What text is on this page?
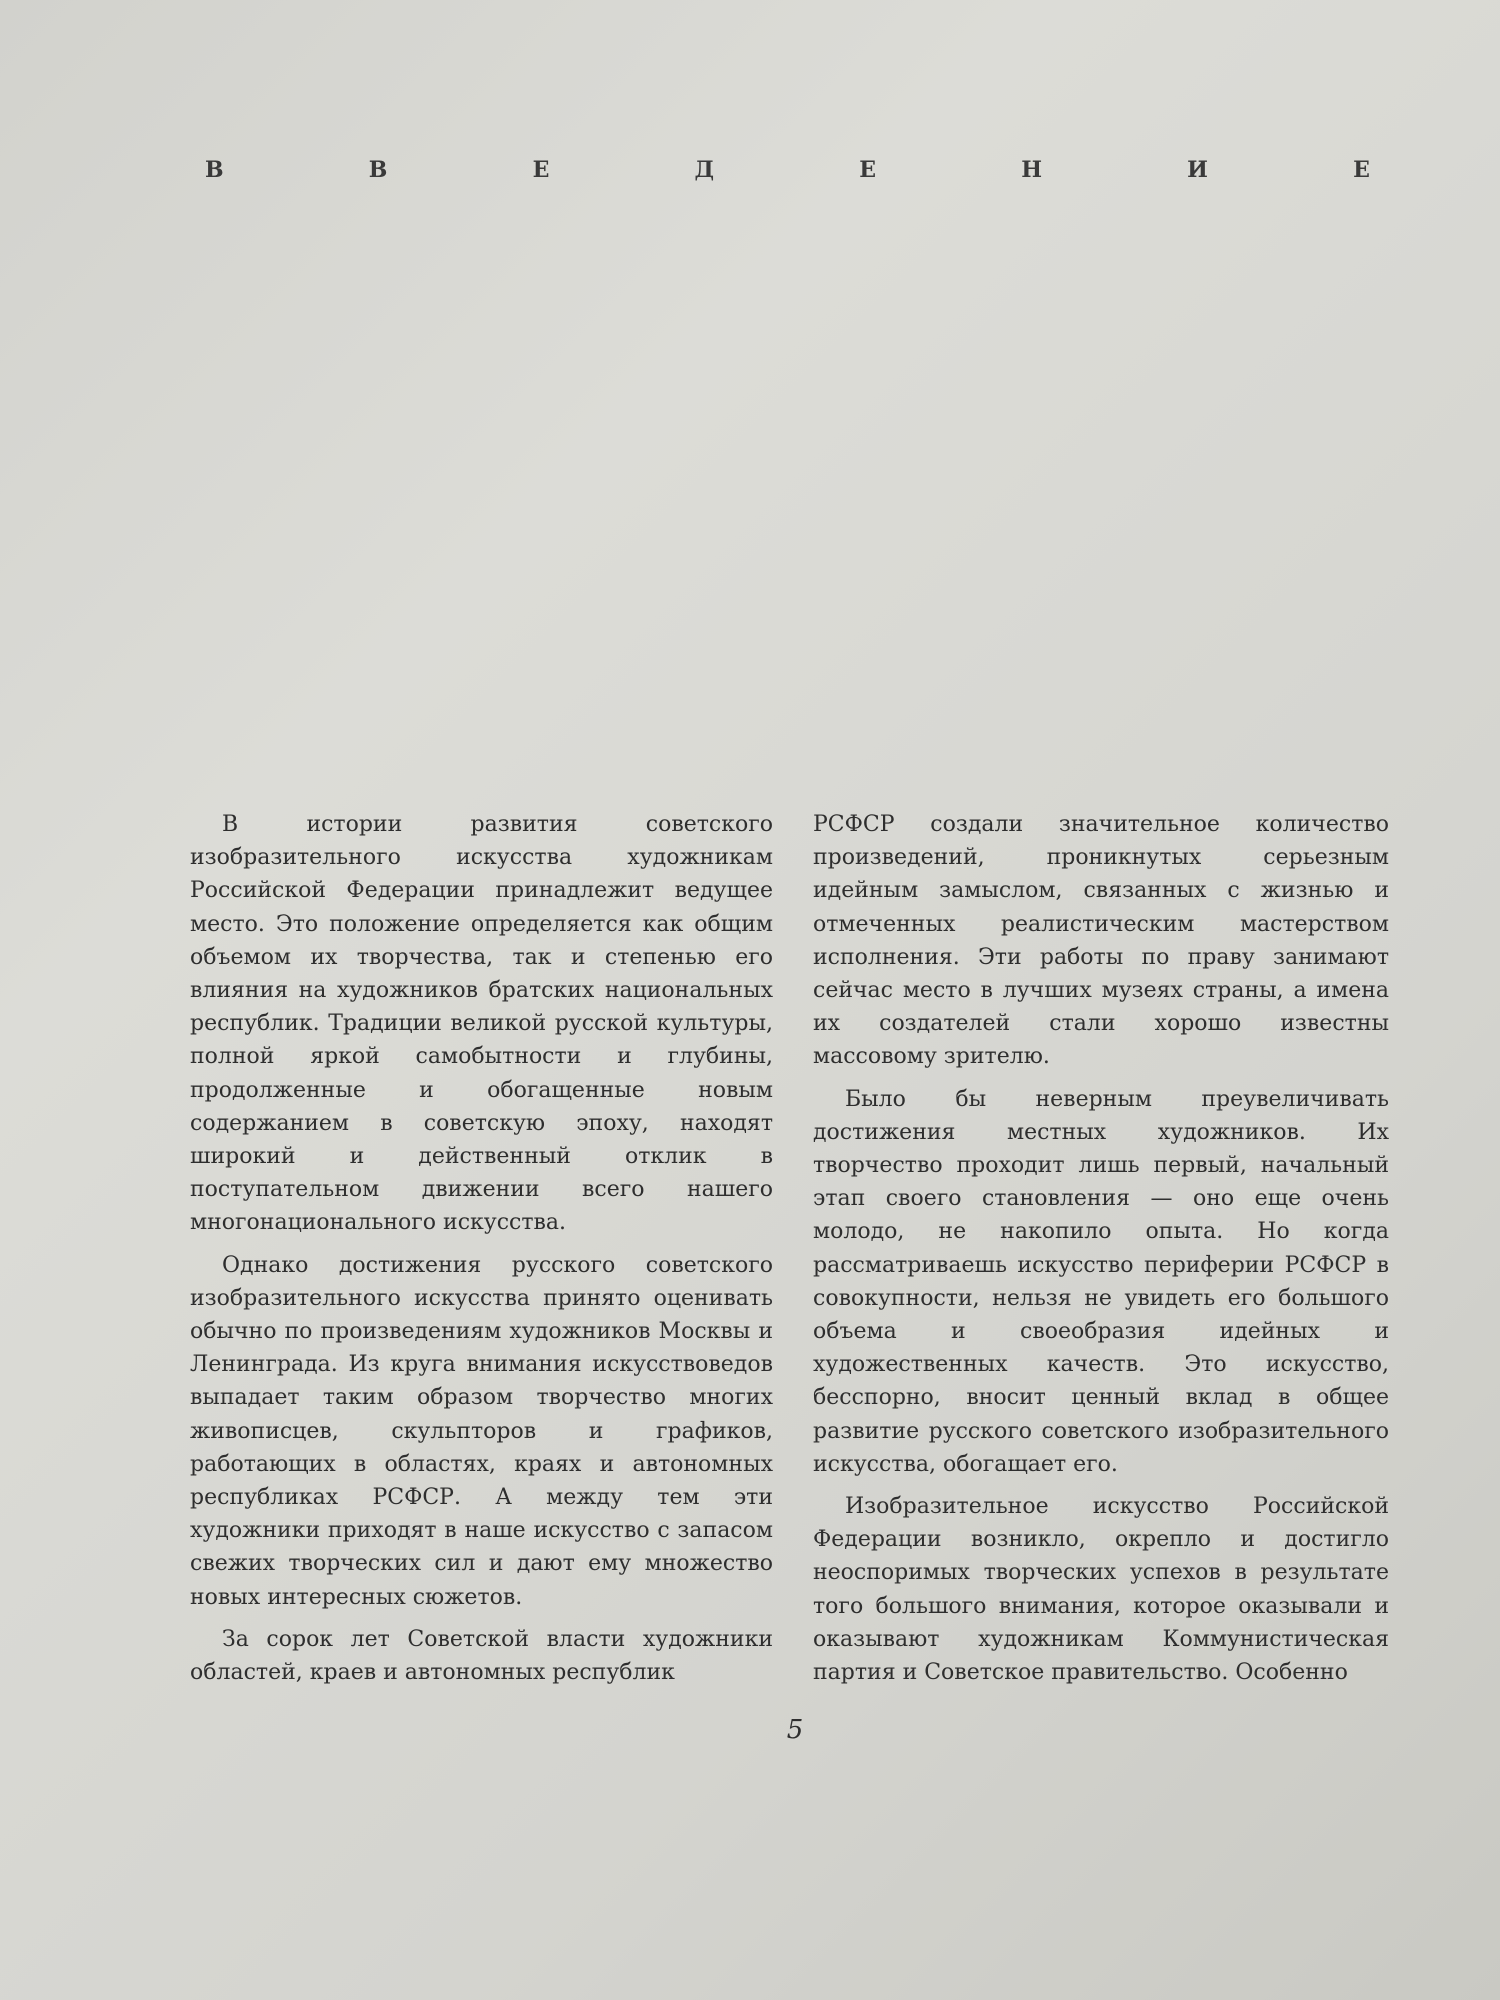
В	В	Е	Д	Е	Н	И	Е

В истории развития советского изобразительного искусства художникам Российской Федерации принадлежит ведущее место. Это положение определяется как общим объемом их творчества, так и степенью его влияния на художников братских национальных республик. Традиции великой русской культуры, полной яркой самобытности и глубины, продолженные и обогащенные новым содержанием в советскую эпоху, находят широкий и действенный отклик в поступательном движении всего нашего многонационального искусства.

Однако достижения русского советского изобразительного искусства принято оценивать обычно по произведениям художников Москвы и Ленинграда. Из круга внимания искусствоведов выпадает таким образом творчество многих живописцев, скульпторов и графиков, работающих в областях, краях и автономных республиках РСФСР. А между тем эти художники приходят в наше искусство с запасом свежих творческих сил и дают ему множество новых интересных сюжетов.

За сорок лет Советской власти художники областей, краев и автономных республик

РСФСР создали значительное количество произведений, проникнутых серьезным идейным замыслом, связанных с жизнью и отмеченных реалистическим мастерством исполнения. Эти работы по праву занимают сейчас место в лучших музеях страны, а имена их создателей стали хорошо известны массовому зрителю.

Было бы неверным преувеличивать достижения местных художников. Их творчество проходит лишь первый, начальный этап своего становления — оно еще очень молодо, не накопило опыта. Но когда рассматриваешь искусство периферии РСФСР в совокупности, нельзя не увидеть его большого объема и своеобразия идейных и художественных качеств. Это искусство, бесспорно, вносит ценный вклад в общее развитие русского советского изобразительного искусства, обогащает его.

Изобразительное искусство Российской Федерации возникло, окрепло и достигло неоспоримых творческих успехов в результате того большого внимания, которое оказывали и оказывают художникам Коммунистическая партия и Советское правительство. Особенно

5
